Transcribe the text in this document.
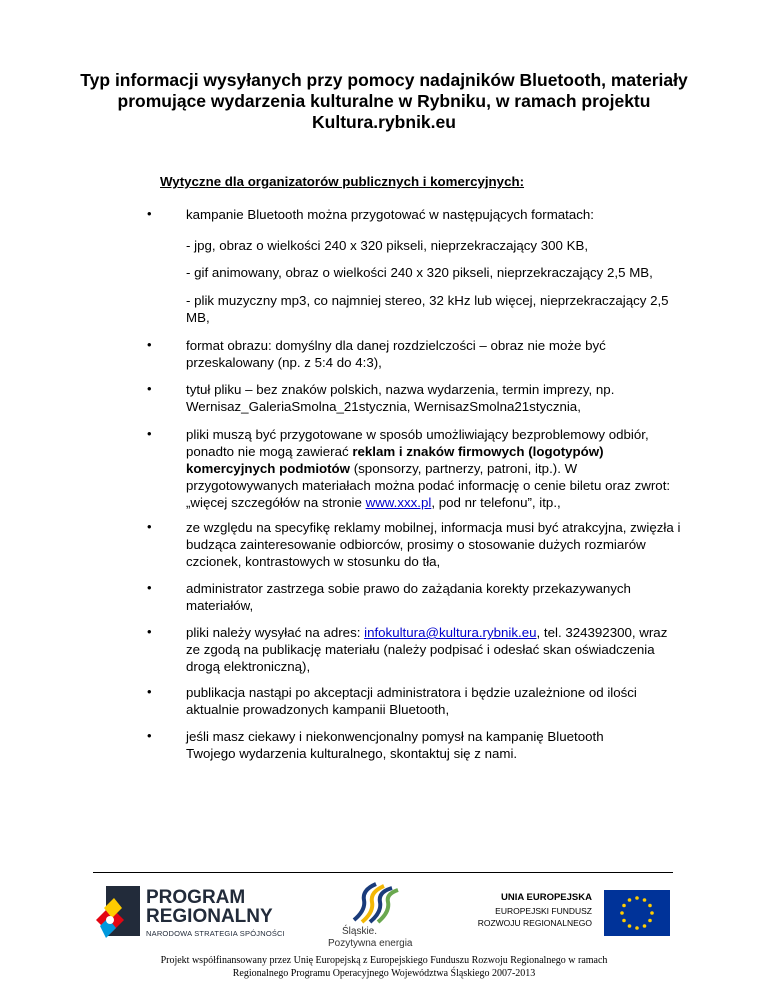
Typ informacji wysyłanych przy pomocy nadajników Bluetooth, materiały promujące wydarzenia kulturalne w Rybniku, w ramach projektu Kultura.rybnik.eu
Wytyczne dla organizatorów publicznych i komercyjnych:
•	kampanie Bluetooth można przygotować w następujących formatach:

- jpg, obraz o wielkości 240 x 320 pikseli, nieprzekraczający 300 KB,

- gif animowany, obraz o wielkości 240 x 320 pikseli, nieprzekraczający 2,5 MB,

- plik muzyczny mp3, co najmniej stereo, 32 kHz lub więcej, nieprzekraczający 2,5 MB,

•	format obrazu: domyślny dla danej rozdzielczości – obraz nie może być przeskalowany (np. z 5:4 do 4:3),

•	tytuł pliku – bez znaków polskich, nazwa wydarzenia, termin imprezy, np. Wernisaz_GaleriaSmolna_21stycznia, WernisazSmolna21stycznia,

•	pliki muszą być przygotowane w sposób umożliwiający bezproblemowy odbiór, ponadto nie mogą zawierać reklam i znaków firmowych (logotypów) komercyjnych podmiotów (sponsorzy, partnerzy, patroni, itp.). W przygotowywanych materiałach można podać informację o cenie biletu oraz zwrot: „więcej szczegółów na stronie www.xxx.pl, pod nr telefonu”, itp.,

•	ze względu na specyfikę reklamy mobilnej, informacja musi być atrakcyjna, zwięzła i budząca zainteresowanie odbiorców, prosimy o stosowanie dużych rozmiarów czcionek, kontrastowych w stosunku do tła,

•	administrator zastrzega sobie prawo do zażądania korekty przekazywanych materiałów,

•	pliki należy wysyłać na adres: infokultura@kultura.rybnik.eu, tel. 324392300, wraz ze zgodą na publikację materiału (należy podpisać i odesłać skan oświadczenia drogą elektroniczną),

•	publikacja nastąpi po akceptacji administratora i będzie uzależnione od ilości aktualnie prowadzonych kampanii Bluetooth,

•	jeśli masz ciekawy i niekonwencjonalny pomysł na kampanię Bluetooth Twojego wydarzenia kulturalnego, skontaktuj się z nami.

PROGRAM
REGIONALNY
NARODOWA STRATEGIA SPÓJNOŚCI	Śląskie.
Pozytywna energia
UNIA EUROPEJSKA
EUROPEJSKI FUNDUSZ
ROZWOJU REGIONALNEGO
Projekt współfinansowany przez Unię Europejską z Europejskiego Funduszu Rozwoju Regionalnego w ramach
Regionalnego Programu Operacyjnego Województwa Śląskiego 2007-2013
